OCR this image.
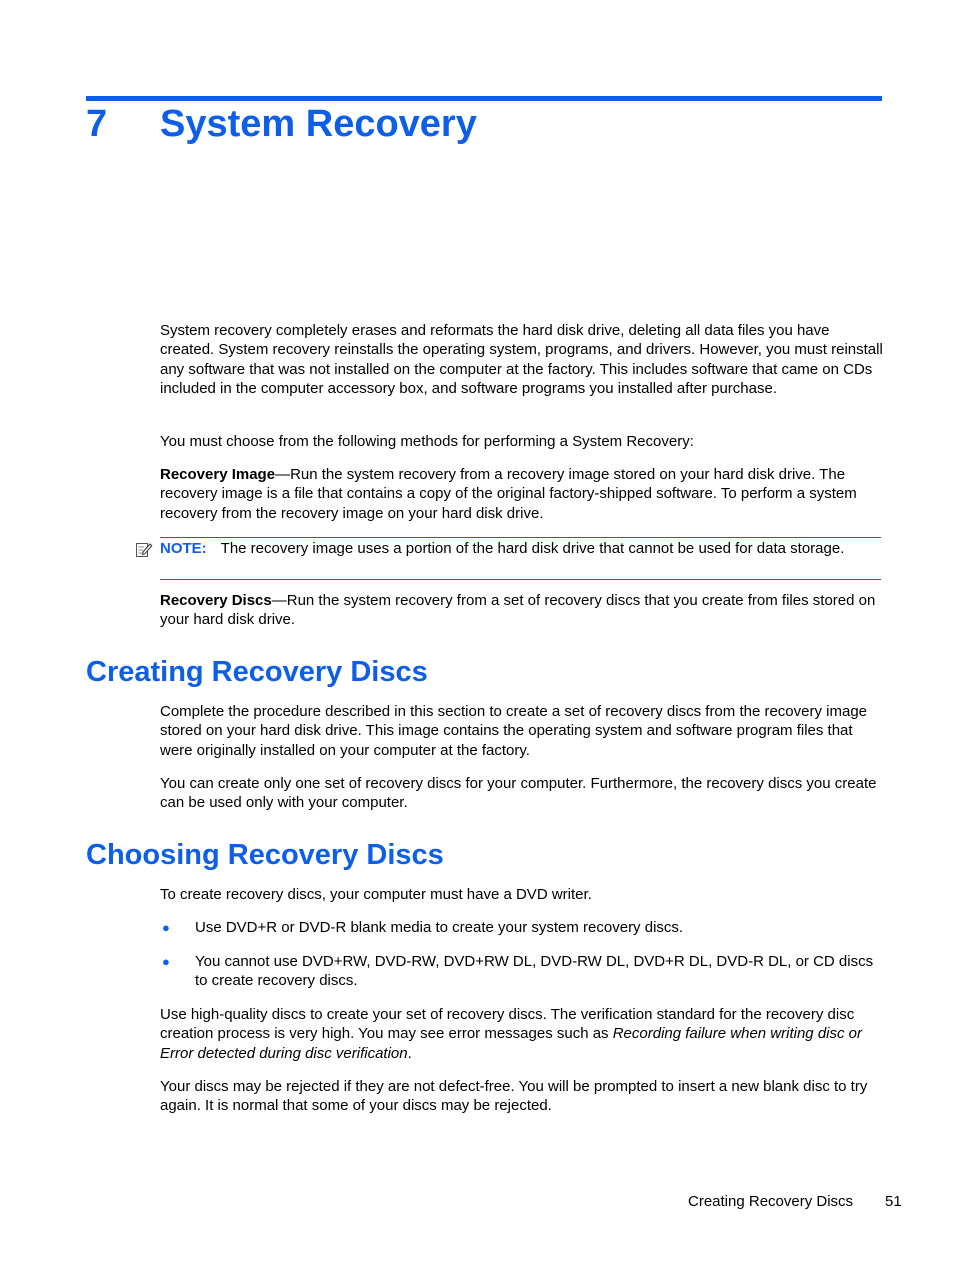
7 System Recovery

System recovery completely erases and reformats the hard disk drive, deleting all data files you have created. System recovery reinstalls the operating system, programs, and drivers. However, you must reinstall any software that was not installed on the computer at the factory. This includes software that came on CDs included in the computer accessory box, and software programs you installed after purchase.

You must choose from the following methods for performing a System Recovery:

Recovery Image—Run the system recovery from a recovery image stored on your hard disk drive. The recovery image is a file that contains a copy of the original factory-shipped software. To perform a system recovery from the recovery image on your hard disk drive.

NOTE: The recovery image uses a portion of the hard disk drive that cannot be used for data storage.

Recovery Discs—Run the system recovery from a set of recovery discs that you create from files stored on your hard disk drive.

Creating Recovery Discs

Complete the procedure described in this section to create a set of recovery discs from the recovery image stored on your hard disk drive. This image contains the operating system and software program files that were originally installed on your computer at the factory.

You can create only one set of recovery discs for your computer. Furthermore, the recovery discs you create can be used only with your computer.

Choosing Recovery Discs

To create recovery discs, your computer must have a DVD writer.

● Use DVD+R or DVD-R blank media to create your system recovery discs.
● You cannot use DVD+RW, DVD-RW, DVD+RW DL, DVD-RW DL, DVD+R DL, DVD-R DL, or CD discs to create recovery discs.

Use high-quality discs to create your set of recovery discs. The verification standard for the recovery disc creation process is very high. You may see error messages such as Recording failure when writing disc or Error detected during disc verification.

Your discs may be rejected if they are not defect-free. You will be prompted to insert a new blank disc to try again. It is normal that some of your discs may be rejected.

Creating Recovery Discs 51
